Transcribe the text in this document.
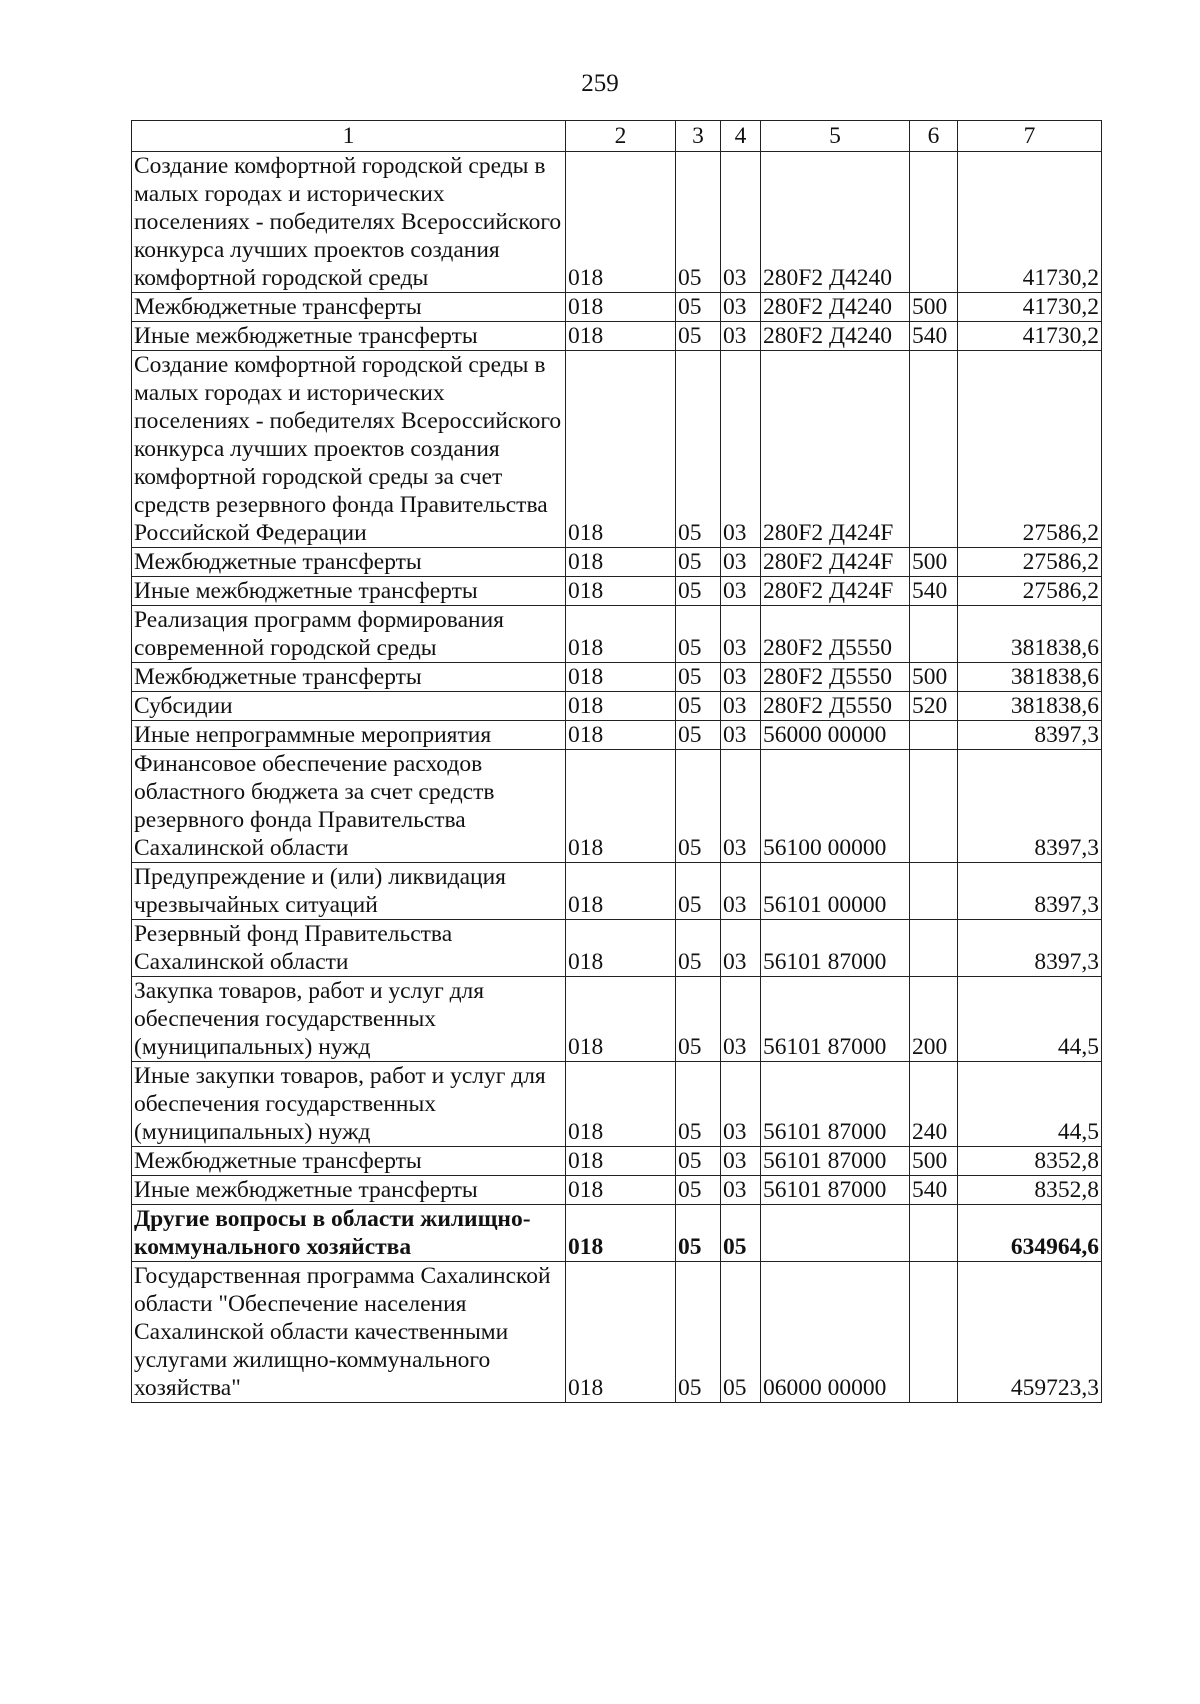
259
1	2	3	4	5	6	7
Создание комфортной городской среды в малых городах и исторических поселениях - победителях Всероссийского конкурса лучших проектов создания комфортной городской среды	018	05	03	280F2 Д4240		41730,2
Межбюджетные трансферты	018	05	03	280F2 Д4240	500	41730,2
Иные межбюджетные трансферты	018	05	03	280F2 Д4240	540	41730,2
Создание комфортной городской среды в малых городах и исторических поселениях - победителях Всероссийского конкурса лучших проектов создания комфортной городской среды за счет средств резервного фонда Правительства Российской Федерации	018	05	03	280F2 Д424F		27586,2
Межбюджетные трансферты	018	05	03	280F2 Д424F	500	27586,2
Иные межбюджетные трансферты	018	05	03	280F2 Д424F	540	27586,2
Реализация программ формирования современной городской среды	018	05	03	280F2 Д5550		381838,6
Межбюджетные трансферты	018	05	03	280F2 Д5550	500	381838,6
Субсидии	018	05	03	280F2 Д5550	520	381838,6
Иные непрограммные мероприятия	018	05	03	56000 00000		8397,3
Финансовое обеспечение расходов областного бюджета за счет средств резервного фонда Правительства Сахалинской области	018	05	03	56100 00000		8397,3
Предупреждение и (или) ликвидация чрезвычайных ситуаций	018	05	03	56101 00000		8397,3
Резервный фонд Правительства Сахалинской области	018	05	03	56101 87000		8397,3
Закупка товаров, работ и услуг для обеспечения государственных (муниципальных) нужд	018	05	03	56101 87000	200	44,5
Иные закупки товаров, работ и услуг для обеспечения государственных (муниципальных) нужд	018	05	03	56101 87000	240	44,5
Межбюджетные трансферты	018	05	03	56101 87000	500	8352,8
Иные межбюджетные трансферты	018	05	03	56101 87000	540	8352,8
Другие вопросы в области жилищно-коммунального хозяйства	018	05	05			634964,6
Государственная программа Сахалинской области "Обеспечение населения Сахалинской области качественными услугами жилищно-коммунального хозяйства"	018	05	05	06000 00000		459723,3
